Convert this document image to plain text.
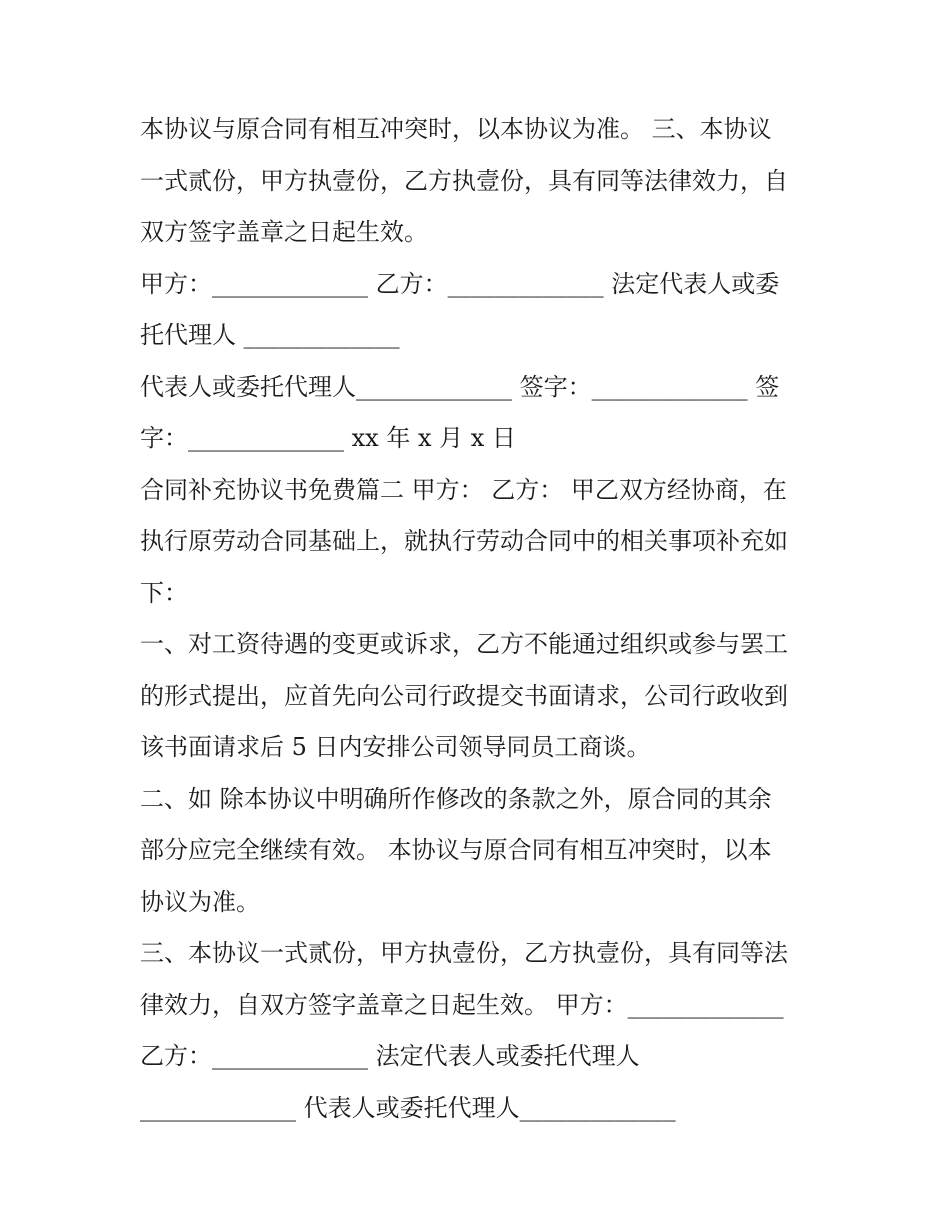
本协议与原合同有相互冲突时，以本协议为准。 三、本协议
一式贰份，甲方执壹份，乙方执壹份，具有同等法律效力，自
双方签字盖章之日起生效。
甲方：_____________ 乙方：_____________ 法定代表人或委
托代理人 _____________
代表人或委托代理人_____________ 签字：_____________ 签
字：_____________ xx 年 x 月 x 日
合同补充协议书免费篇二 甲方： 乙方： 甲乙双方经协商，在
执行原劳动合同基础上，就执行劳动合同中的相关事项补充如
下：
一、对工资待遇的变更或诉求，乙方不能通过组织或参与罢工
的形式提出，应首先向公司行政提交书面请求，公司行政收到
该书面请求后 5 日内安排公司领导同员工商谈。
二、如 除本协议中明确所作修改的条款之外，原合同的其余
部分应完全继续有效。 本协议与原合同有相互冲突时，以本
协议为准。
三、本协议一式贰份，甲方执壹份，乙方执壹份，具有同等法
律效力，自双方签字盖章之日起生效。 甲方：_____________
乙方：_____________ 法定代表人或委托代理人
_____________ 代表人或委托代理人_____________
